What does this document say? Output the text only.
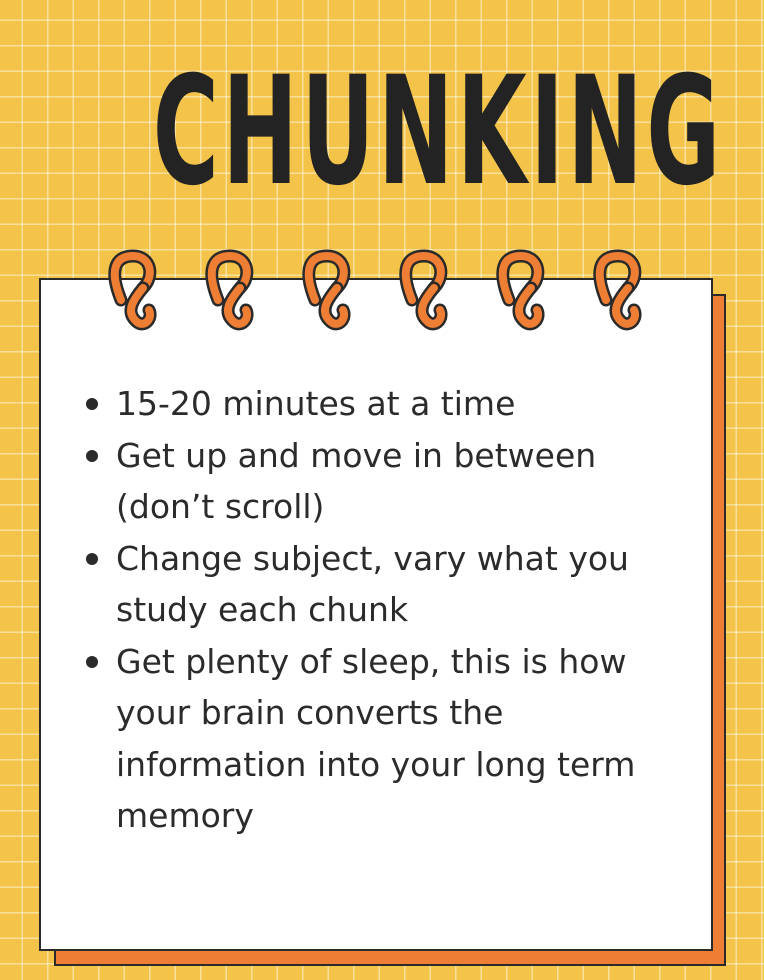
CHUNKING
15-20 minutes at a time
Get up and move in between (don’t scroll)
Change subject, vary what you study each chunk
Get plenty of sleep, this is how your brain converts the information into your long term memory
